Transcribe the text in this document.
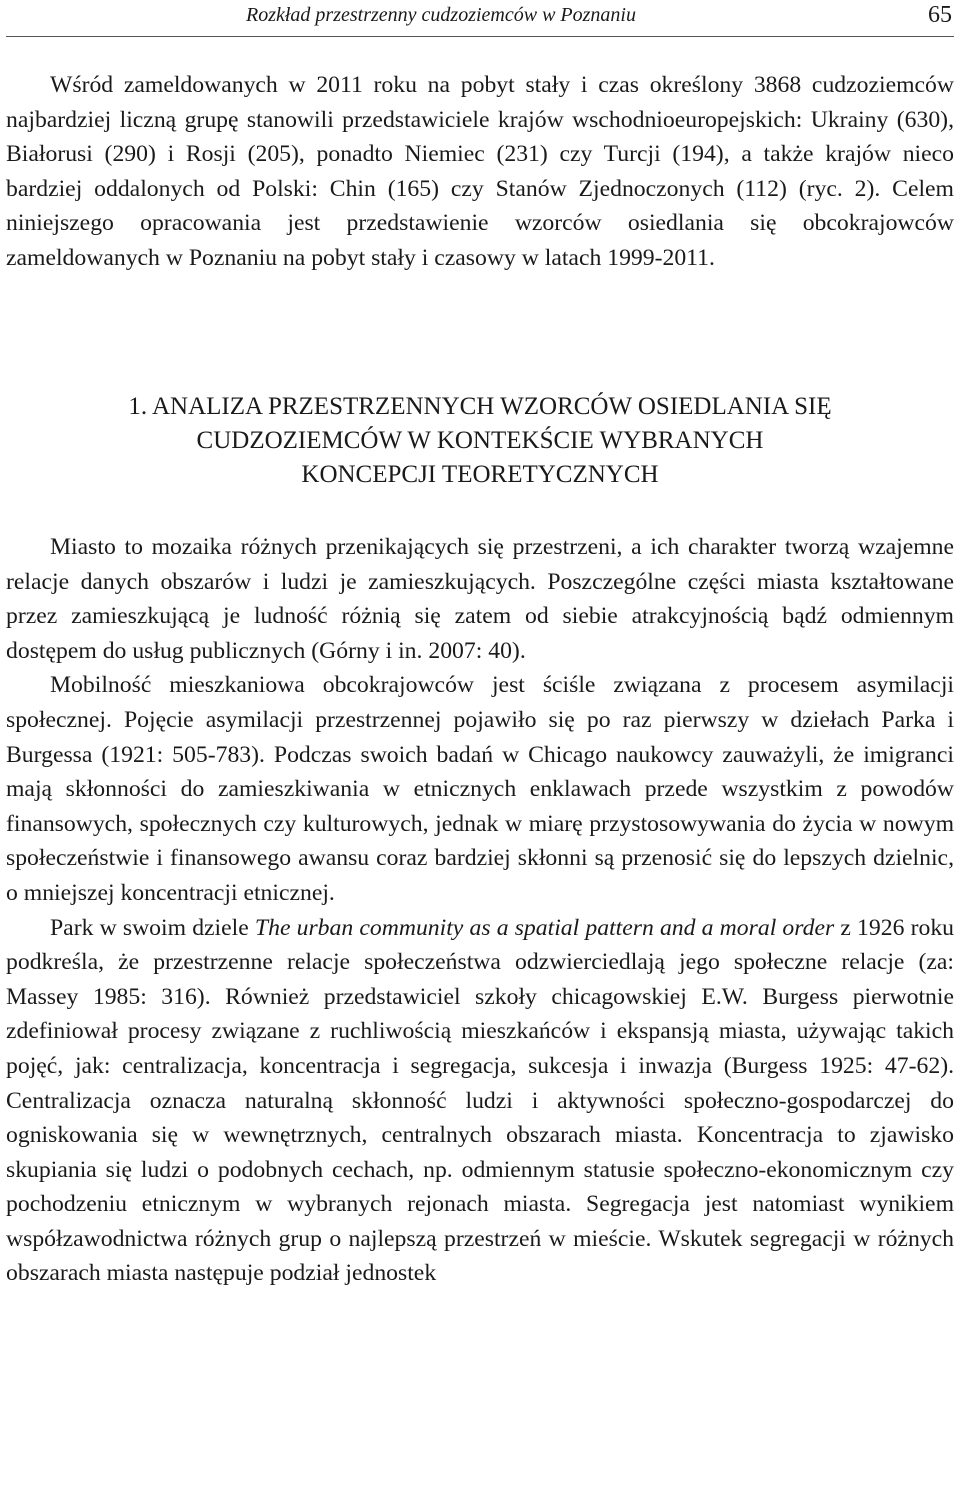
Rozkład przestrzenny cudzoziemców w Poznaniu	65

Wśród zameldowanych w 2011 roku na pobyt stały i czas określony 3868 cudzoziemców najbardziej liczną grupę stanowili przedstawiciele krajów wschodnioeuropejskich: Ukrainy (630), Białorusi (290) i Rosji (205), ponadto Niemiec (231) czy Turcji (194), a także krajów nieco bardziej oddalonych od Polski: Chin (165) czy Stanów Zjednoczonych (112) (ryc. 2). Celem niniejszego opracowania jest przedstawienie wzorców osiedlania się obcokrajowców zameldowanych w Poznaniu na pobyt stały i czasowy w latach 1999-2011.

1. ANALIZA PRZESTRZENNYCH WZORCÓW OSIEDLANIA SIĘ
CUDZOZIEMCÓW W KONTEKŚCIE WYBRANYCH
KONCEPCJI TEORETYCZNYCH

Miasto to mozaika różnych przenikających się przestrzeni, a ich charakter tworzą wzajemne relacje danych obszarów i ludzi je zamieszkujących. Poszczególne części miasta kształtowane przez zamieszkującą je ludność różnią się zatem od siebie atrakcyjnością bądź odmiennym dostępem do usług publicznych (Górny i in. 2007: 40).

Mobilność mieszkaniowa obcokrajowców jest ściśle związana z procesem asymilacji społecznej. Pojęcie asymilacji przestrzennej pojawiło się po raz pierwszy w dziełach Parka i Burgessa (1921: 505-783). Podczas swoich badań w Chicago naukowcy zauważyli, że imigranci mają skłonności do zamieszkiwania w etnicznych enklawach przede wszystkim z powodów finansowych, społecznych czy kulturowych, jednak w miarę przystosowywania do życia w nowym społeczeństwie i finansowego awansu coraz bardziej skłonni są przenosić się do lepszych dzielnic, o mniejszej koncentracji etnicznej.

Park w swoim dziele The urban community as a spatial pattern and a moral order z 1926 roku podkreśla, że przestrzenne relacje społeczeństwa odzwierciedlają jego społeczne relacje (za: Massey 1985: 316). Również przedstawiciel szkoły chicagowskiej E.W. Burgess pierwotnie zdefiniował procesy związane z ruchliwością mieszkańców i ekspansją miasta, używając takich pojęć, jak: centralizacja, koncentracja i segregacja, sukcesja i inwazja (Burgess 1925: 47-62). Centralizacja oznacza naturalną skłonność ludzi i aktywności społeczno-gospodarczej do ogniskowania się w wewnętrznych, centralnych obszarach miasta. Koncentracja to zjawisko skupiania się ludzi o podobnych cechach, np. odmiennym statusie społeczno-ekonomicznym czy pochodzeniu etnicznym w wybranych rejonach miasta. Segregacja jest natomiast wynikiem współzawodnictwa różnych grup o najlepszą przestrzeń w mieście. Wskutek segregacji w różnych obszarach miasta następuje podział jednostek
